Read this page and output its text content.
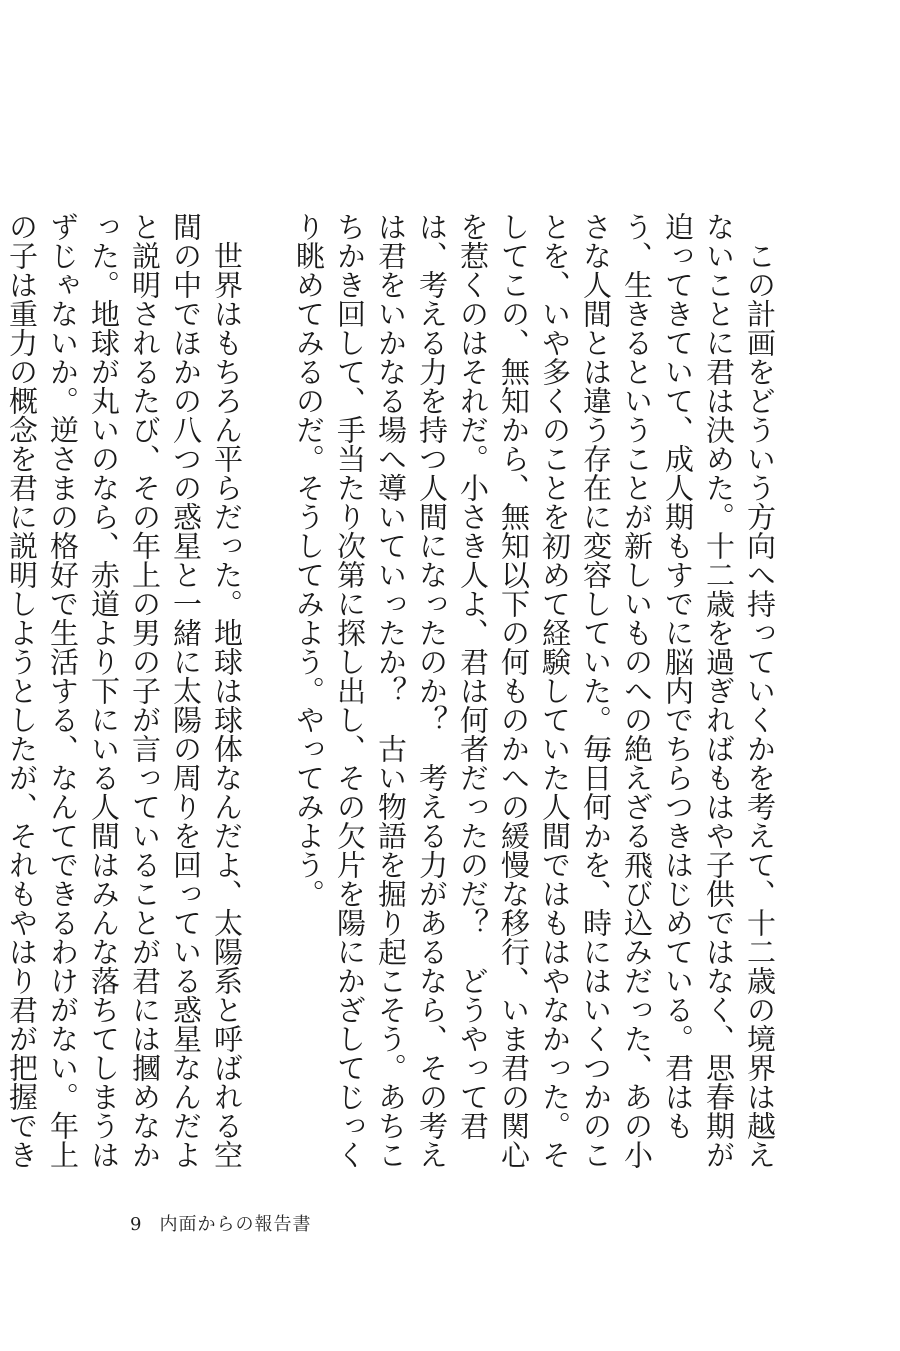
この計画をどういう方向へ持っていくかを考えて、十二歳の境界は越えないことに君は決めた。十二歳を過ぎればもはや子供ではなく、思春期が迫ってきていて、成人期もすでに脳内でちらつきはじめている。君はもう、生きるということが新しいものへの絶えざる飛び込みだった、あの小さな人間とは違う存在に変容していた。毎日何かを、時にはいくつかのことを、いや多くのことを初めて経験していた人間ではもはやなかった。そしてこの、無知から、無知以下の何ものかへの緩慢な移行、いま君の関心を惹くのはそれだ。小さき人よ、君は何者だったのだ？　どうやって君は、考える力を持つ人間になったのか？　考える力があるなら、その考えは君をいかなる場へ導いていったか？　古い物語を掘り起こそう。あちこちかき回して、手当たり次第に探し出し、その欠片を陽にかざしてじっくり眺めてみるのだ。そうしてみよう。やってみよう。

世界はもちろん平らだった。地球は球体なんだよ、太陽系と呼ばれる空間の中でほかの八つの惑星と一緒に太陽の周りを回っている惑星なんだよと説明されるたび、その年上の男の子が言っていることが君には摑めなかった。地球が丸いのなら、赤道より下にいる人間はみんな落ちてしまうはずじゃないか。逆さまの格好で生活する、なんてできるわけがない。年上の子は重力の概念を君に説明しようとしたが、それもやはり君が把握でき

9 内面からの報告書
